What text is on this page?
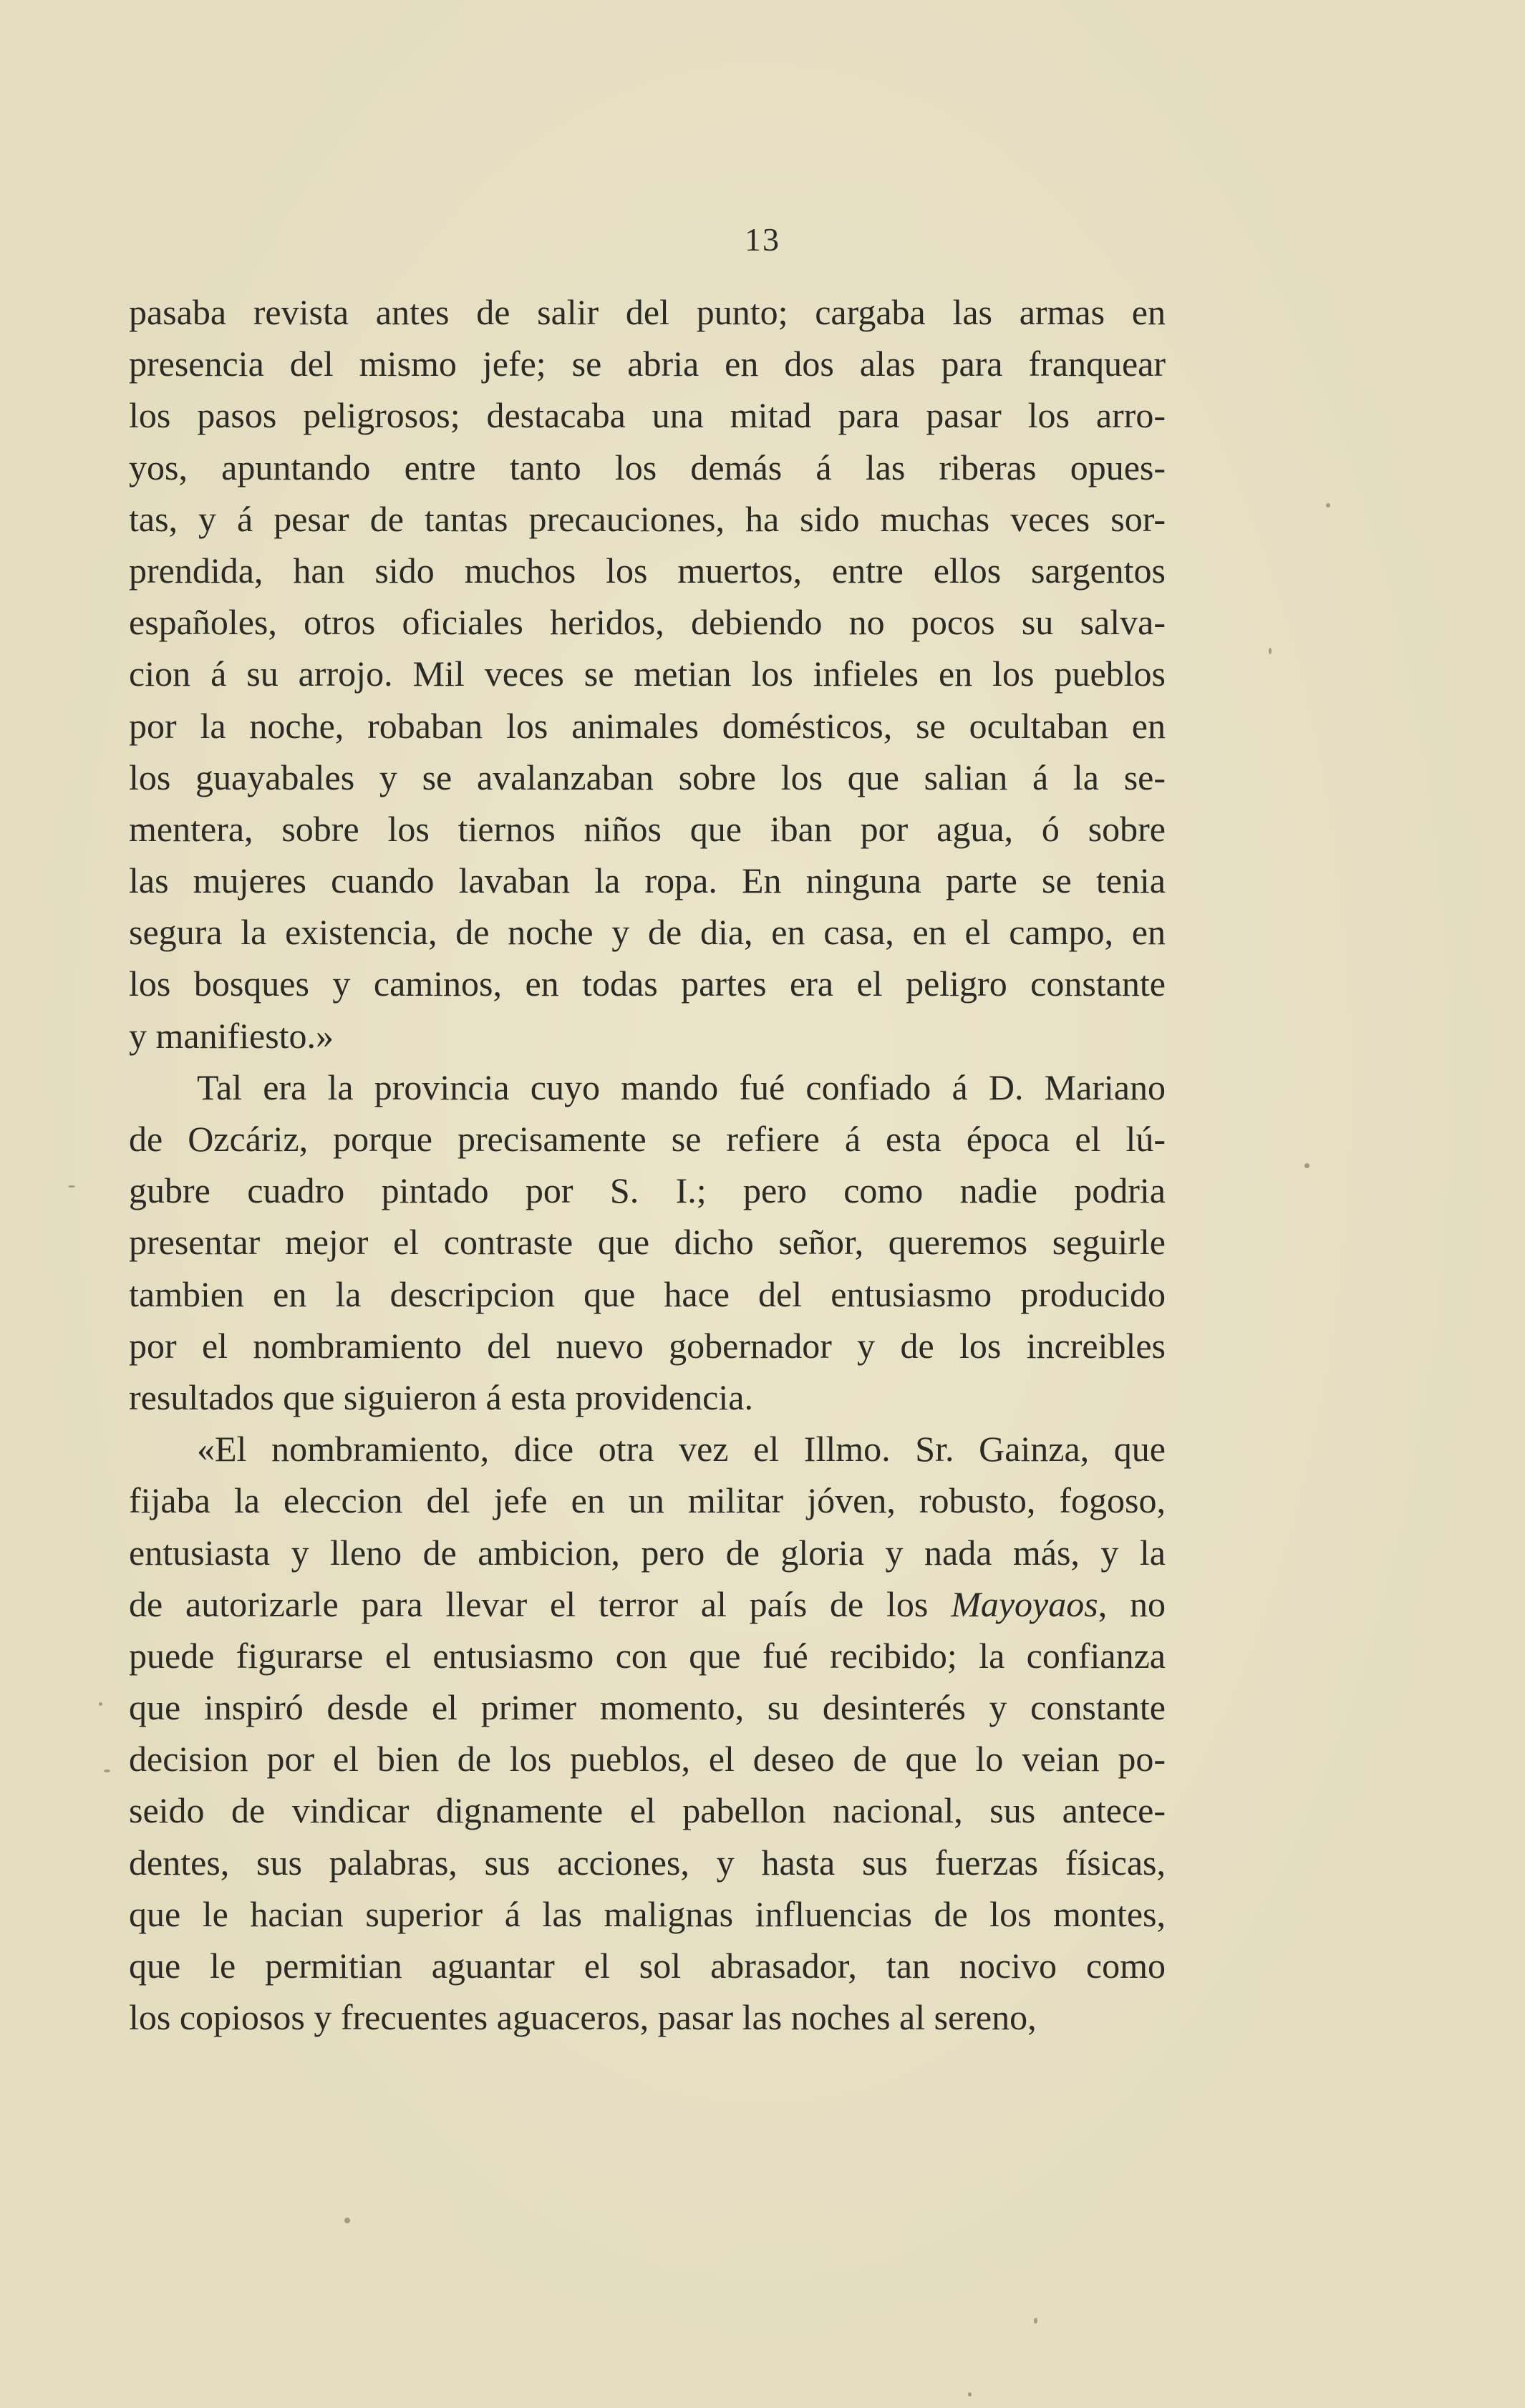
13
pasaba revista antes de salir del punto; cargaba las armas en
presencia del mismo jefe; se abria en dos alas para franquear
los pasos peligrosos; destacaba una mitad para pasar los arro-
yos, apuntando entre tanto los demás á las riberas opues-
tas, y á pesar de tantas precauciones, ha sido muchas veces sor-
prendida, han sido muchos los muertos, entre ellos sargentos
españoles, otros oficiales heridos, debiendo no pocos su salva-
cion á su arrojo. Mil veces se metian los infieles en los pueblos
por la noche, robaban los animales domésticos, se ocultaban en
los guayabales y se avalanzaban sobre los que salian á la se-
mentera, sobre los tiernos niños que iban por agua, ó sobre
las mujeres cuando lavaban la ropa. En ninguna parte se tenia
segura la existencia, de noche y de dia, en casa, en el campo, en
los bosques y caminos, en todas partes era el peligro constante
y manifiesto.»
Tal era la provincia cuyo mando fué confiado á D. Mariano
de Ozcáriz, porque precisamente se refiere á esta época el lú-
gubre cuadro pintado por S. I.; pero como nadie podria
presentar mejor el contraste que dicho señor, queremos seguirle
tambien en la descripcion que hace del entusiasmo producido
por el nombramiento del nuevo gobernador y de los increibles
resultados que siguieron á esta providencia.
«El nombramiento, dice otra vez el Illmo. Sr. Gainza, que
fijaba la eleccion del jefe en un militar jóven, robusto, fogoso,
entusiasta y lleno de ambicion, pero de gloria y nada más, y la
de autorizarle para llevar el terror al país de los Mayoyaos, no
puede figurarse el entusiasmo con que fué recibido; la confianza
que inspiró desde el primer momento, su desinterés y constante
decision por el bien de los pueblos, el deseo de que lo veian po-
seido de vindicar dignamente el pabellon nacional, sus antece-
dentes, sus palabras, sus acciones, y hasta sus fuerzas físicas,
que le hacian superior á las malignas influencias de los montes,
que le permitian aguantar el sol abrasador, tan nocivo como
los copiosos y frecuentes aguaceros, pasar las noches al sereno,
